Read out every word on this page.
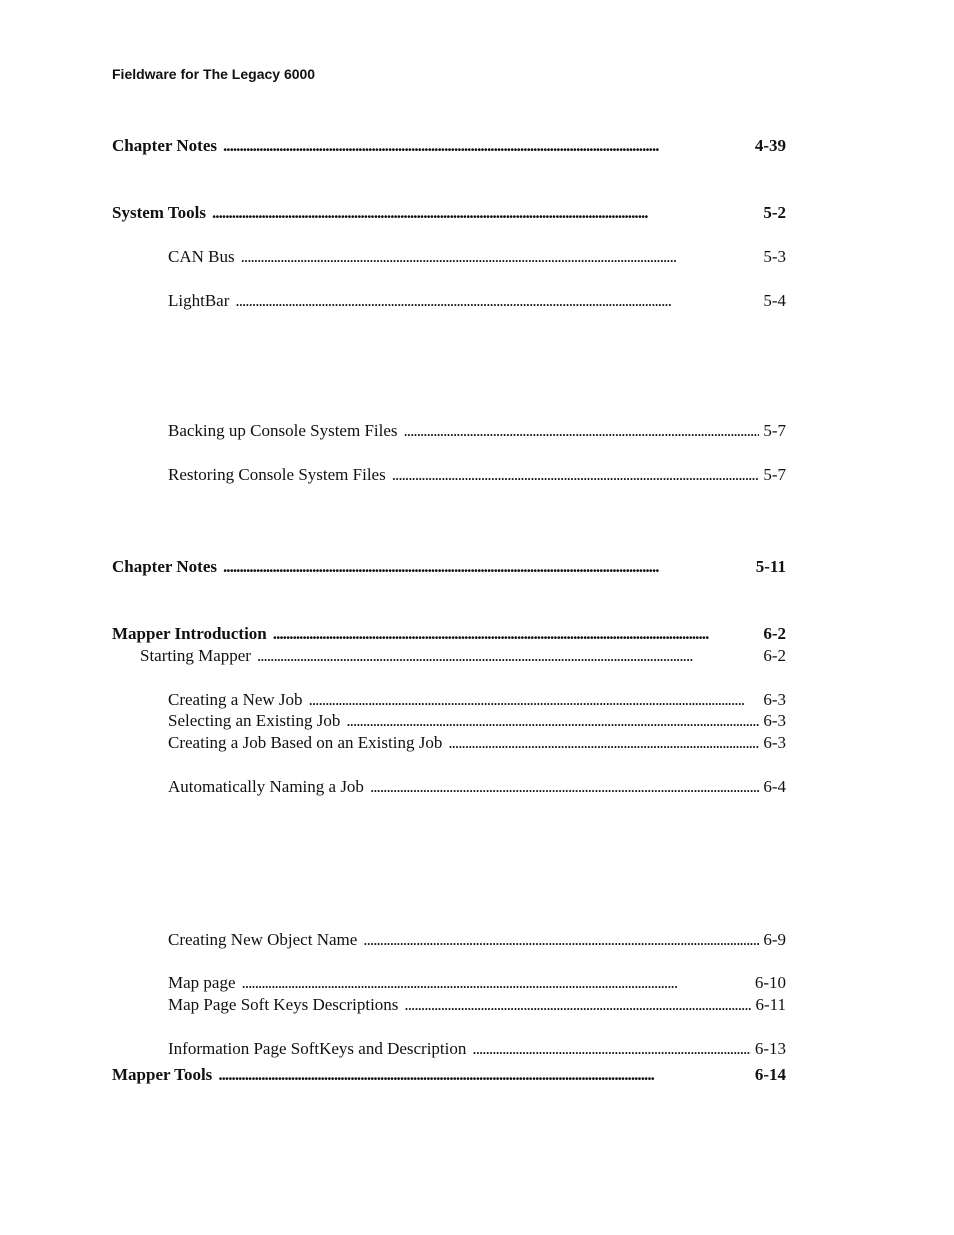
Fieldware for The Legacy 6000
Chapter Notes . . .	4-39
System Tools . . .	5-2
CAN Bus . . .	5-3
LightBar . . .	5-4
Backing up Console System Files . . .	5-7
Restoring Console System Files . . .	5-7
Chapter Notes . . .	5-11
Mapper Introduction . . .	6-2
Starting Mapper . . .	6-2
Creating a New Job . . .	6-3
Selecting an Existing Job . . .	6-3
Creating a Job Based on an Existing Job . . .	6-3
Automatically Naming a Job . . .	6-4
Creating New Object Name . . .	6-9
Map page . . .	6-10
Map Page Soft Keys Descriptions . . .	6-11
Information Page SoftKeys and Description . . .	6-13
Mapper Tools . . .	6-14
